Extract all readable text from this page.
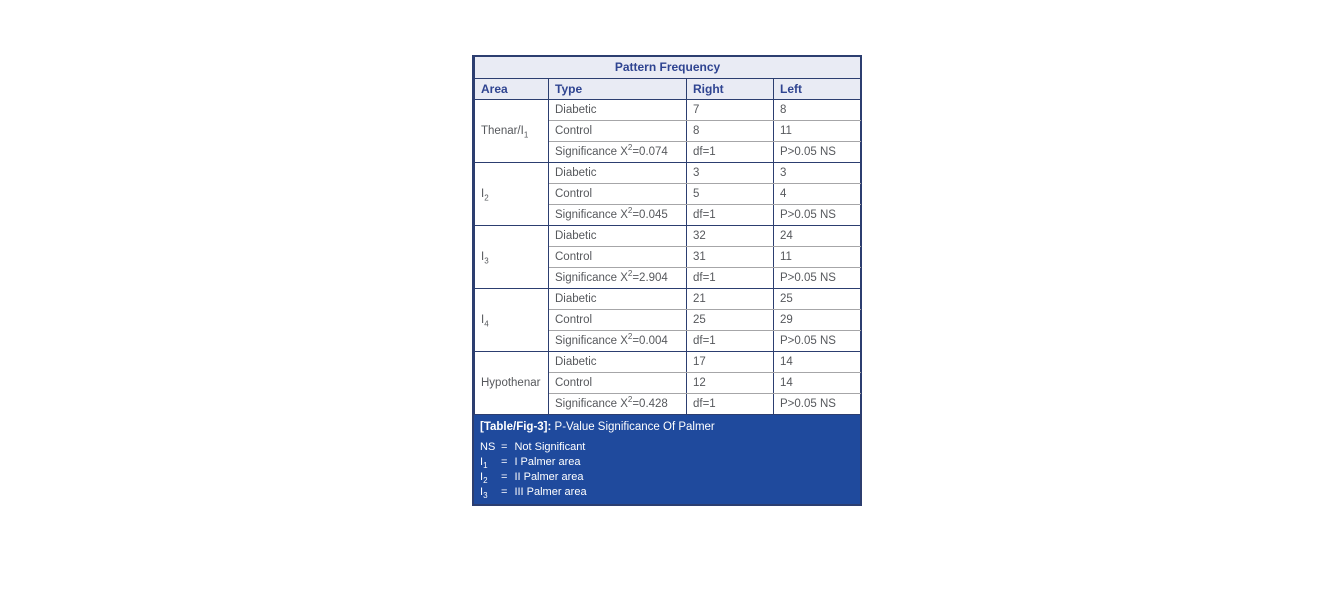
Pattern Frequency			
Area	Type	Right	Left
Thenar/$I_1$	Diabetic	7	8
	Control	8	11
	Significance $X^2=0.074$	df=1	P>0.05 NS
$I_2$	Diabetic	3	3
	Control	5	4
	Significance $X^2=0.045$	df=1	P>0.05 NS
$I_3$	Diabetic	32	24
	Control	31	11
	Significance $X^2=2.904$	df=1	P>0.05 NS
$I_4$	Diabetic	21	25
	Control	25	29
	Significance $X^2=0.004$	df=1	P>0.05 NS
Hypothenar	Diabetic	17	14
	Control	12	14
	Significance $X^2=0.428$	df=1	P>0.05 NS
[Table/Fig-3]: P-Value Significance Of Palmer
NS = Not Significant
$I_1 = I$ Palmer area
$I_2$ = II Palmer area
$I_3$ = III Palmer area
